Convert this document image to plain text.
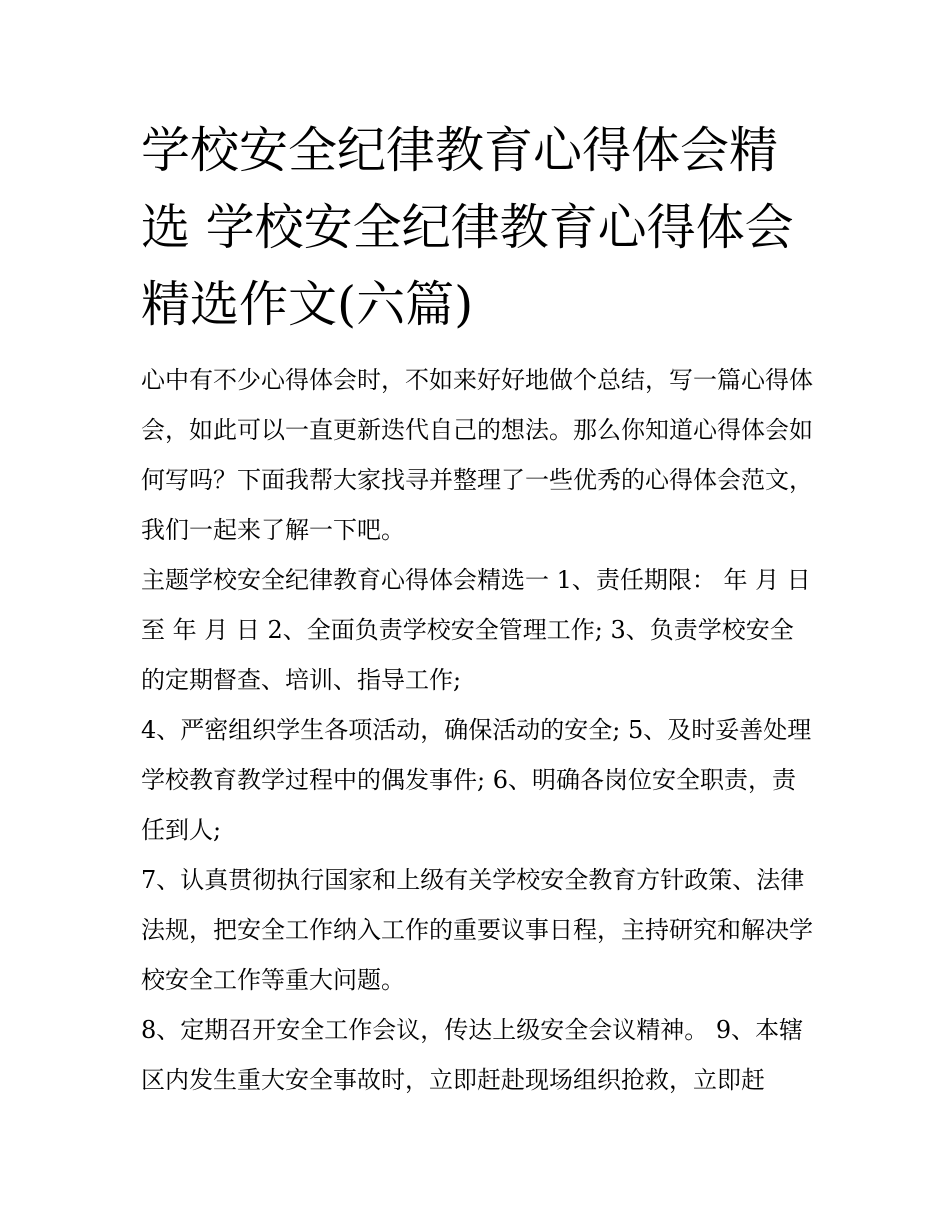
学校安全纪律教育心得体会精选 学校安全纪律教育心得体会精选作文(六篇)

心中有不少心得体会时，不如来好好地做个总结，写一篇心得体会，如此可以一直更新迭代自己的想法。那么你知道心得体会如何写吗？下面我帮大家找寻并整理了一些优秀的心得体会范文，我们一起来了解一下吧。

主题学校安全纪律教育心得体会精选一 1、责任期限： 年 月 日至 年 月 日 2、全面负责学校安全管理工作; 3、负责学校安全的定期督查、培训、指导工作;

4、严密组织学生各项活动，确保活动的安全; 5、及时妥善处理学校教育教学过程中的偶发事件; 6、明确各岗位安全职责，责任到人;

7、认真贯彻执行国家和上级有关学校安全教育方针政策、法律法规，把安全工作纳入工作的重要议事日程，主持研究和解决学校安全工作等重大问题。

8、定期召开安全工作会议，传达上级安全会议精神。 9、本辖区内发生重大安全事故时，立即赶赴现场组织抢救，立即赶
